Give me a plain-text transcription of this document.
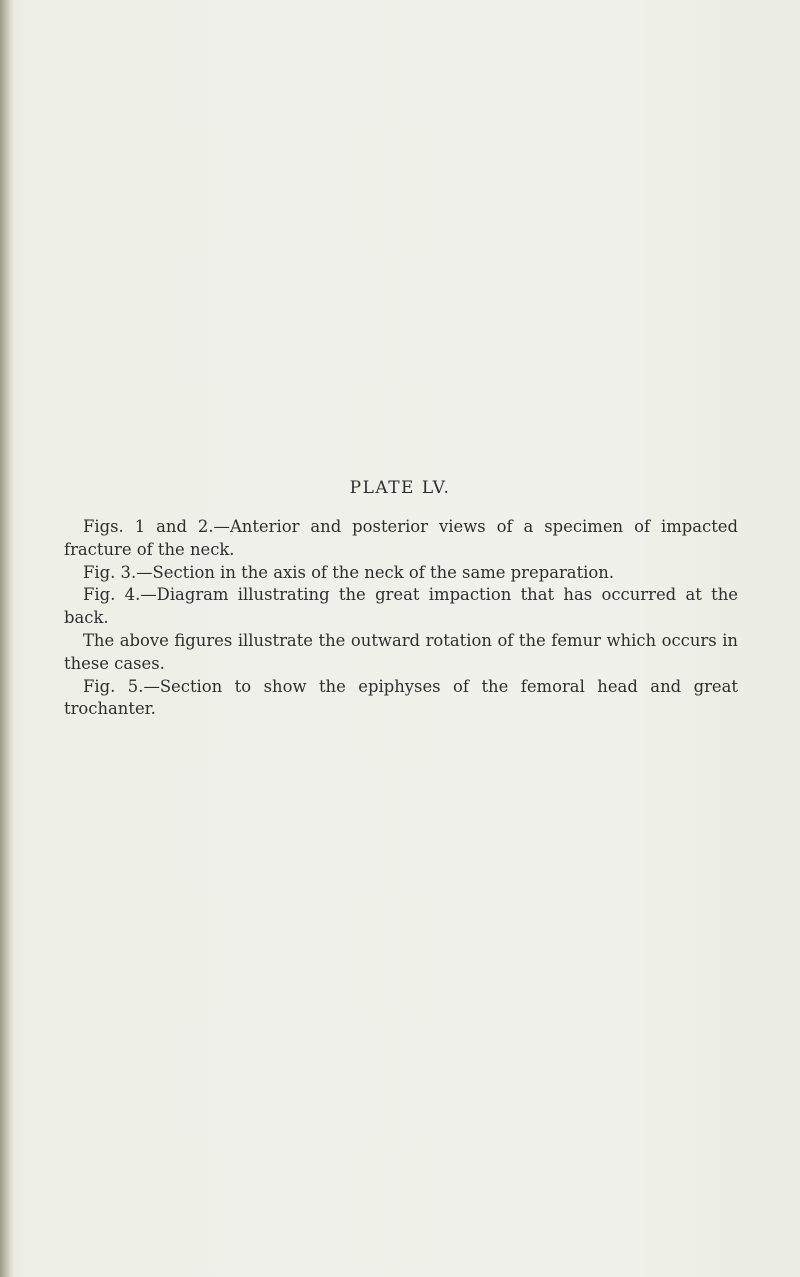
PLATE LV.

Figs. 1 and 2.—Anterior and posterior views of a specimen of impacted fracture of the neck.

Fig. 3.—Section in the axis of the neck of the same preparation.

Fig. 4.—Diagram illustrating the great impaction that has occurred at the back.

The above figures illustrate the outward rotation of the femur which occurs in these cases.

Fig. 5.—Section to show the epiphyses of the femoral head and great trochanter.
